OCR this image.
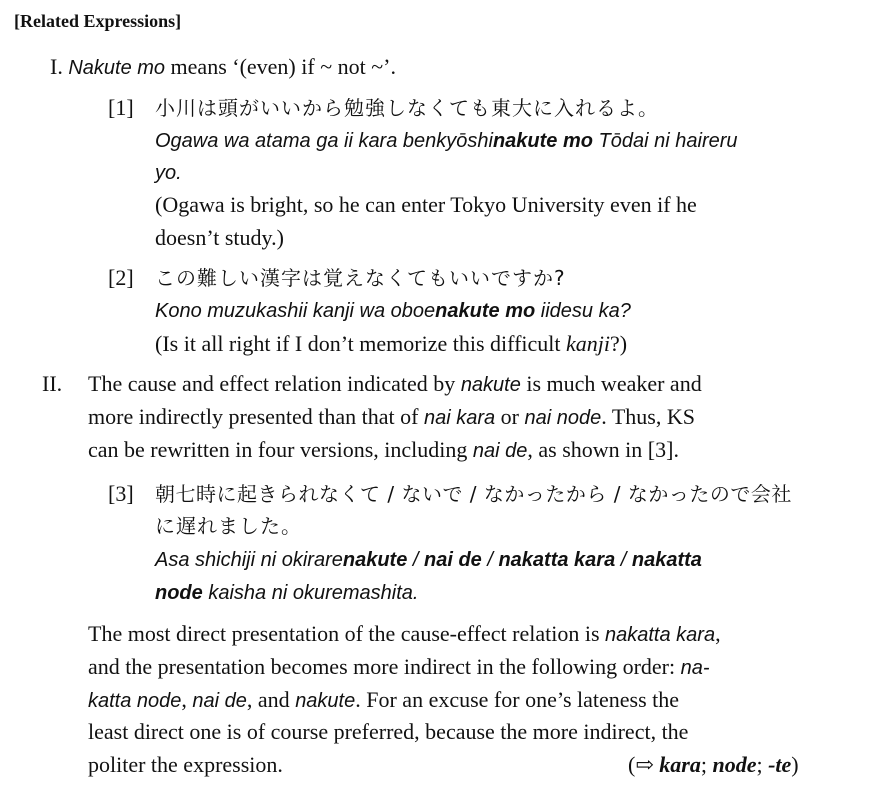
[Related Expressions]
I. Nakute mo means ‘(even) if ~ not ~’.
[1] 小川は頭がいいから勉強しなくても東大に入れるよ。
Ogawa wa atama ga ii kara benkyōshinakute mo Tōdai ni haireru
yo.
(Ogawa is bright, so he can enter Tokyo University even if he
doesn’t study.)
[2] この難しい漢字は覚えなくてもいいですか?
Kono muzukashii kanji wa oboenakute mo iidesu ka?
(Is it all right if I don’t memorize this difficult kanji?)
II. The cause and effect relation indicated by nakute is much weaker and
more indirectly presented than that of nai kara or nai node. Thus, KS
can be rewritten in four versions, including nai de, as shown in [3].
[3] 朝七時に起きられなくて / ないで / なかったから / なかったので会社
に遅れました。
Asa shichiji ni okirarenakute / nai de / nakatta kara / nakatta
node kaisha ni okuremashita.
The most direct presentation of the cause-effect relation is nakatta kara,
and the presentation becomes more indirect in the following order: na-
katta node, nai de, and nakute. For an excuse for one’s lateness the
least direct one is of course preferred, because the more indirect, the
politer the expression.	(⇨ kara; node; -te)
